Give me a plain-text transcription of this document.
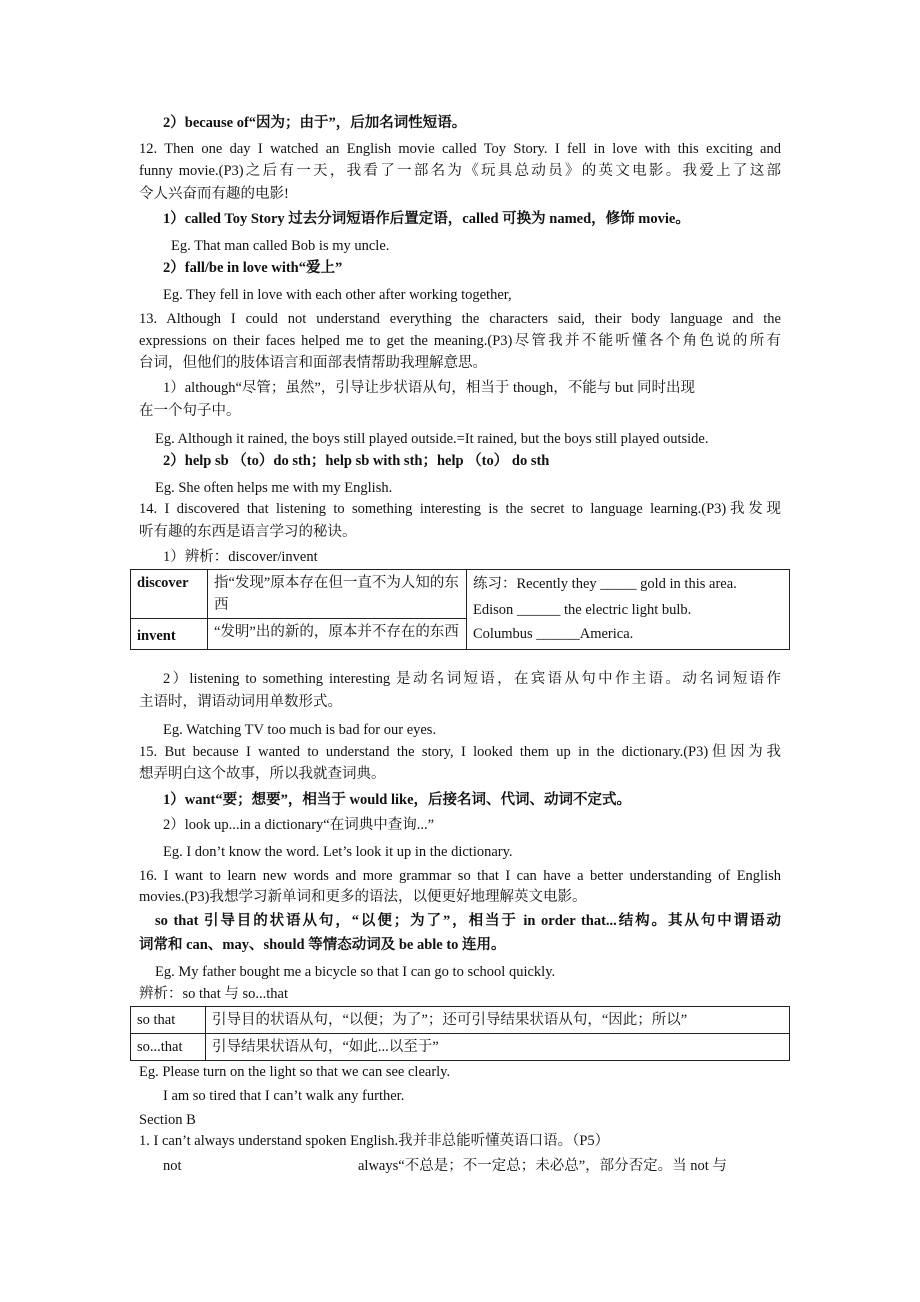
2）because of“因为；由于”，后加名词性短语。
12. Then one day I watched an English movie called Toy Story. I fell in love with this exciting and
funny movie.(P3)之后有一天，我看了一部名为《玩具总动员》的英文电影。我爱上了这部
令人兴奋而有趣的电影!
1）called Toy Story 过去分词短语作后置定语，called 可换为 named，修饰 movie。
Eg. That man called Bob is my uncle.
2）fall/be in love with“爱上”
Eg. They fell in love with each other after working together,
13. Although I could not understand everything the characters said, their body language and the
expressions on their faces helped me to get the meaning.(P3)尽管我并不能听懂各个角色说的所有
台词，但他们的肢体语言和面部表情帮助我理解意思。
1）although“尽管；虽然”，引导让步状语从句，相当于 though，不能与 but 同时出现
在一个句子中。
Eg. Although it rained, the boys still played outside.=It rained, but the boys still played outside.
2）help sb （to）do sth；help sb with sth；help （to） do sth
Eg. She often helps me with my English.
14. I discovered that listening to something interesting is the secret to language learning.(P3)我发现
听有趣的东西是语言学习的秘诀。
1）辨析：discover/invent
discover	指“发现”原本存在但一直不为人知的东西	练习：Recently they _____ gold in this area.
Edison ______ the electric light bulb.
Columbus ______America.

invent	“发明”出的新的，原本并不存在的东西	
2）listening to something interesting 是动名词短语，在宾语从句中作主语。动名词短语作
主语时，谓语动词用单数形式。
Eg. Watching TV too much is bad for our eyes.
15. But because I wanted to understand the story, I looked them up in the dictionary.(P3)但因为我
想弄明白这个故事，所以我就查词典。
1）want“要；想要”，相当于 would like，后接名词、代词、动词不定式。
2）look up...in a dictionary“在词典中查询...”
Eg. I don’t know the word. Let’s look it up in the dictionary.
16. I want to learn new words and more grammar so that I can have a better understanding of English
movies.(P3)我想学习新单词和更多的语法，以便更好地理解英文电影。
so that 引导目的状语从句，“以便；为了”，相当于 in order that...结构。其从句中谓语动
词常和 can、may、should 等情态动词及 be able to 连用。
Eg. My father bought me a bicycle so that I can go to school quickly.
辨析：so that 与 so...that
so that	引导目的状语从句，“以便；为了”；还可引导结果状语从句，“因此；所以”
so...that	引导结果状语从句，“如此...以至于”
Eg. Please turn on the light so that we can see clearly.
I am so tired that I can’t walk any further.
Section B
1. I can’t always understand spoken English.我并非总能听懂英语口语。（P5）
not	always“不总是；不一定总；未必总”，部分否定。当 not 与
